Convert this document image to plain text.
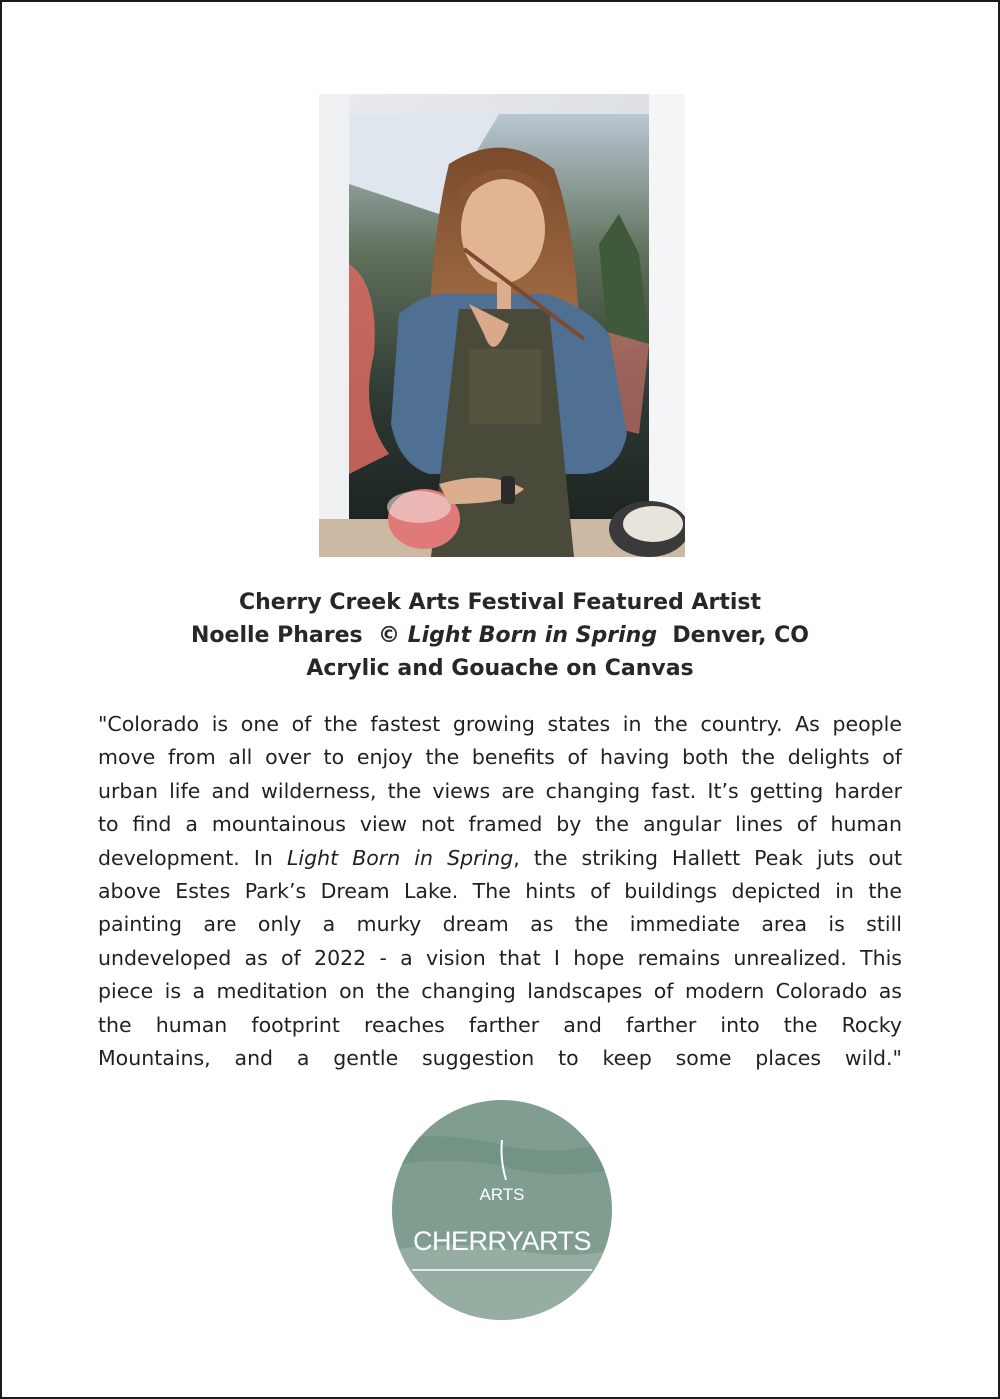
Cherry Creek Arts Festival Featured Artist
Noelle Phares © Light Born in Spring Denver, CO
Acrylic and Gouache on Canvas
"Colorado is one of the fastest growing states in the country. As people
move from all over to enjoy the benefits of having both the delights of
urban life and wilderness, the views are changing fast. It’s getting harder
to find a mountainous view not framed by the angular lines of human
development. In Light Born in Spring, the striking Hallett Peak juts out
above Estes Park’s Dream Lake. The hints of buildings depicted in the
painting are only a murky dream as the immediate area is still
undeveloped as of 2022 - a vision that I hope remains unrealized. This
piece is a meditation on the changing landscapes of modern Colorado as
the human footprint reaches farther and farther into the Rocky
Mountains, and a gentle suggestion to keep some places wild."
ARTS
CHERRYARTS
